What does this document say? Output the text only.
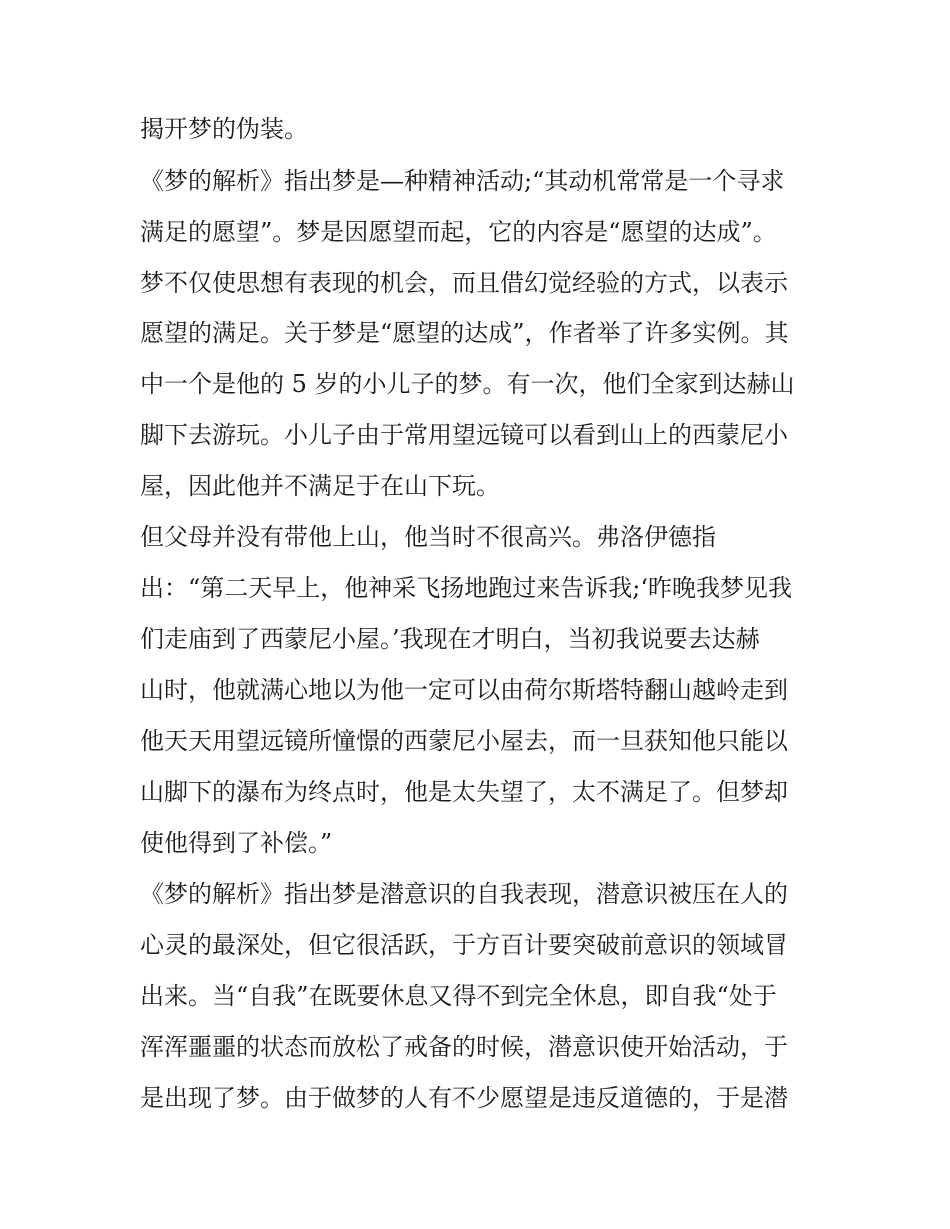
揭开梦的伪装。
《梦的解析》指出梦是—种精神活动;“其动机常常是一个寻求
满足的愿望”。梦是因愿望而起，它的内容是“愿望的达成”。
梦不仅使思想有表现的机会，而且借幻觉经验的方式，以表示
愿望的满足。关于梦是“愿望的达成”，作者举了许多实例。其
中一个是他的 5 岁的小儿子的梦。有一次，他们全家到达赫山
脚下去游玩。小儿子由于常用望远镜可以看到山上的西蒙尼小
屋，因此他并不满足于在山下玩。
但父母并没有带他上山，他当时不很高兴。弗洛伊德指
出：“第二天早上，他神采飞扬地跑过来告诉我;‘昨晚我梦见我
们走庙到了西蒙尼小屋。’我现在才明白，当初我说要去达赫
山时，他就满心地以为他一定可以由荷尔斯塔特翻山越岭走到
他天天用望远镜所憧憬的西蒙尼小屋去，而一旦获知他只能以
山脚下的瀑布为终点时，他是太失望了，太不满足了。但梦却
使他得到了补偿。”
《梦的解析》指出梦是潜意识的自我表现，潜意识被压在人的
心灵的最深处，但它很活跃，于方百计要突破前意识的领域冒
出来。当“自我”在既要休息又得不到完全休息，即自我“处于
浑浑噩噩的状态而放松了戒备的时候，潜意识使开始活动，于
是出现了梦。由于做梦的人有不少愿望是违反道德的，于是潜
